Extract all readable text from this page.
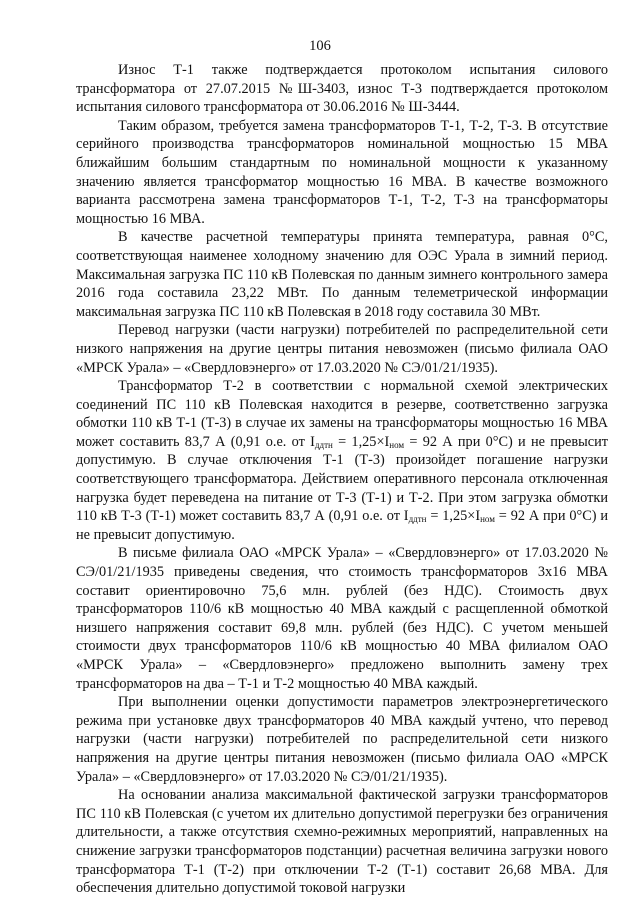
106

Износ Т-1 также подтверждается протоколом испытания силового трансформатора от 27.07.2015 №Ш-3403, износ Т-3 подтверждается протоколом испытания силового трансформатора от 30.06.2016 № Ш-3444.

Таким образом, требуется замена трансформаторов Т-1, Т-2, Т-3. В отсутствие серийного производства трансформаторов номинальной мощностью 15 МВА ближайшим большим стандартным по номинальной мощности к указанному значению является трансформатор мощностью 16 МВА. В качестве возможного варианта рассмотрена замена трансформаторов Т-1, Т-2, Т-3 на трансформаторы мощностью 16 МВА.

В качестве расчетной температуры принята температура, равная 0°С, соответствующая наименее холодному значению для ОЭС Урала в зимний период. Максимальная загрузка ПС 110 кВ Полевская по данным зимнего контрольного замера 2016 года составила 23,22 МВт. По данным телеметрической информации максимальная загрузка ПС 110 кВ Полевская в 2018 году составила 30 МВт.

Перевод нагрузки (части нагрузки) потребителей по распределительной сети низкого напряжения на другие центры питания невозможен (письмо филиала ОАО «МРСК Урала» – «Свердловэнерго» от 17.03.2020 № СЭ/01/21/1935).

Трансформатор Т-2 в соответствии с нормальной схемой электрических соединений ПС 110 кВ Полевская находится в резерве, соответственно загрузка обмотки 110 кВ Т-1 (Т-3) в случае их замены на трансформаторы мощностью 16 МВА может составить 83,7 А (0,91 о.е. от $I_{ддтн} = 1,25\times I_{ном} = 92$ А при 0°С) и не превысит допустимую. В случае отключения Т-1 (Т-3) произойдет погашение нагрузки соответствующего трансформатора. Действием оперативного персонала отключенная нагрузка будет переведена на питание от Т-3 (Т-1) и Т-2. При этом загрузка обмотки 110 кВ Т-3 (Т-1) может составить 83,7 А (0,91 о.е. от $I_{ддтн} = 1,25\times I_{ном} = 92$ А при 0°С) и не превысит допустимую.

В письме филиала ОАО «МРСК Урала» – «Свердловэнерго» от 17.03.2020 № СЭ/01/21/1935 приведены сведения, что стоимость трансформаторов 3х16 МВА составит ориентировочно 75,6 млн. рублей (без НДС). Стоимость двух трансформаторов 110/6 кВ мощностью 40 МВА каждый с расщепленной обмоткой низшего напряжения составит 69,8 млн. рублей (без НДС). С учетом меньшей стоимости двух трансформаторов 110/6 кВ мощностью 40 МВА филиалом ОАО «МРСК Урала» – «Свердловэнерго» предложено выполнить замену трех трансформаторов на два – Т-1 и Т-2 мощностью 40 МВА каждый.

При выполнении оценки допустимости параметров электроэнергетического режима при установке двух трансформаторов 40 МВА каждый учтено, что перевод нагрузки (части нагрузки) потребителей по распределительной сети низкого напряжения на другие центры питания невозможен (письмо филиала ОАО «МРСК Урала» – «Свердловэнерго» от 17.03.2020 № СЭ/01/21/1935).

На основании анализа максимальной фактической загрузки трансформаторов ПС 110 кВ Полевская (с учетом их длительно допустимой перегрузки без ограничения длительности, а также отсутствия схемно-режимных мероприятий, направленных на снижение загрузки трансформаторов подстанции) расчетная величина загрузки нового трансформатора Т-1 (Т-2) при отключении Т-2 (Т-1) составит 26,68 МВА. Для обеспечения длительно допустимой токовой нагрузки
